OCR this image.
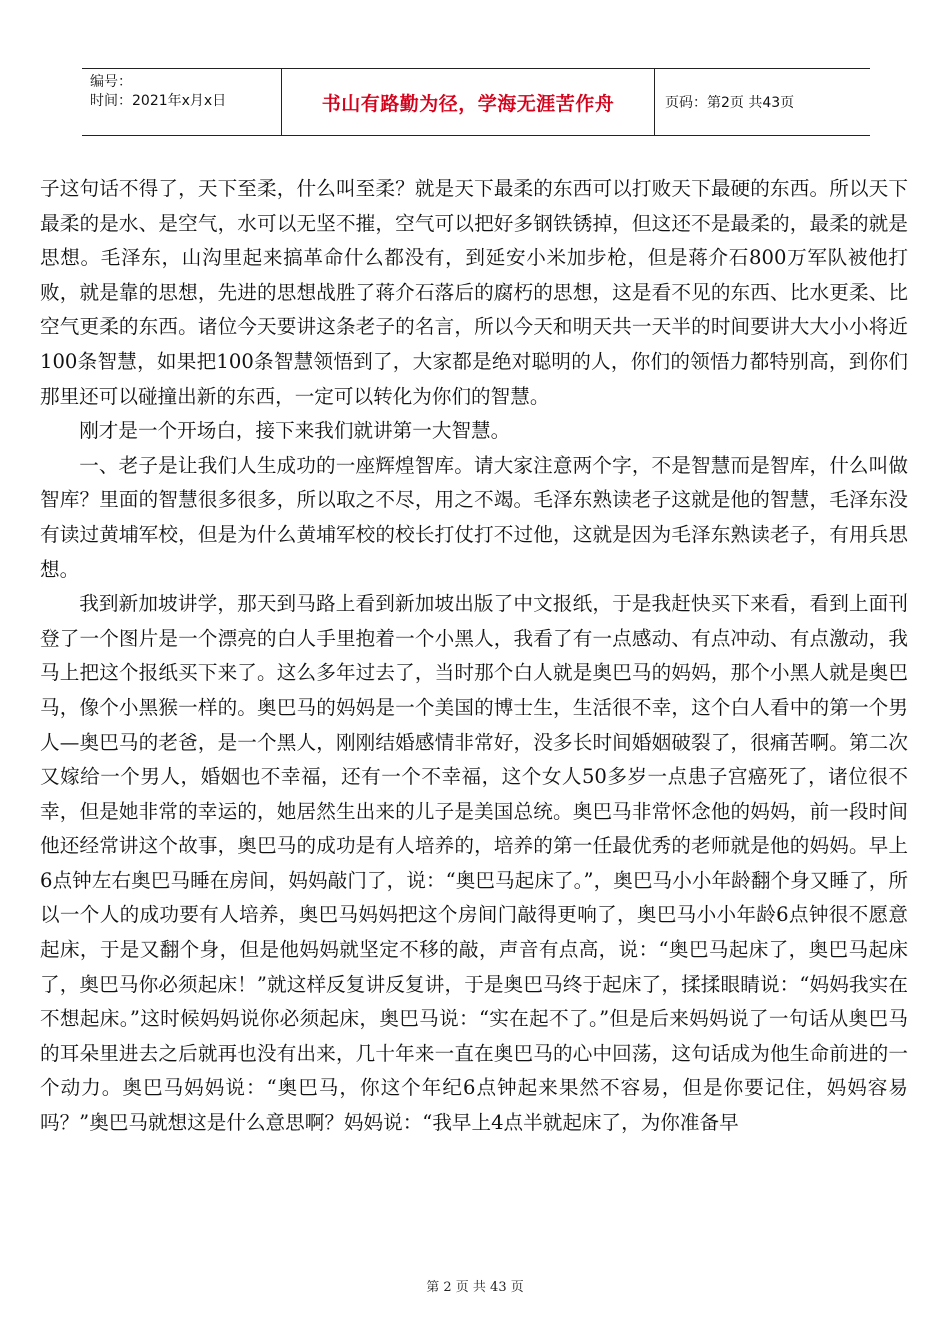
编号：
时间：2021年x月x日	书山有路勤为径，学海无涯苦作舟	页码：第2页 共43页

子这句话不得了，天下至柔，什么叫至柔？就是天下最柔的东西可以打败天下最硬的东西。所以天下最柔的是水、是空气，水可以无坚不摧，空气可以把好多钢铁锈掉，但这还不是最柔的，最柔的就是思想。毛泽东，山沟里起来搞革命什么都没有，到延安小米加步枪，但是蒋介石800万军队被他打败，就是靠的思想，先进的思想战胜了蒋介石落后的腐朽的思想，这是看不见的东西、比水更柔、比空气更柔的东西。诸位今天要讲这条老子的名言，所以今天和明天共一天半的时间要讲大大小小将近100条智慧，如果把100条智慧领悟到了，大家都是绝对聪明的人，你们的领悟力都特别高，到你们那里还可以碰撞出新的东西，一定可以转化为你们的智慧。

刚才是一个开场白，接下来我们就讲第一大智慧。

一、老子是让我们人生成功的一座辉煌智库。请大家注意两个字，不是智慧而是智库，什么叫做智库？里面的智慧很多很多，所以取之不尽，用之不竭。毛泽东熟读老子这就是他的智慧，毛泽东没有读过黄埔军校，但是为什么黄埔军校的校长打仗打不过他，这就是因为毛泽东熟读老子，有用兵思想。

我到新加坡讲学，那天到马路上看到新加坡出版了中文报纸，于是我赶快买下来看，看到上面刊登了一个图片是一个漂亮的白人手里抱着一个小黑人，我看了有一点感动、有点冲动、有点激动，我马上把这个报纸买下来了。这么多年过去了，当时那个白人就是奥巴马的妈妈，那个小黑人就是奥巴马，像个小黑猴一样的。奥巴马的妈妈是一个美国的博士生，生活很不幸，这个白人看中的第一个男人—奥巴马的老爸，是一个黑人，刚刚结婚感情非常好，没多长时间婚姻破裂了，很痛苦啊。第二次又嫁给一个男人，婚姻也不幸福，还有一个不幸福，这个女人50多岁一点患子宫癌死了，诸位很不幸，但是她非常的幸运的，她居然生出来的儿子是美国总统。奥巴马非常怀念他的妈妈，前一段时间他还经常讲这个故事，奥巴马的成功是有人培养的，培养的第一任最优秀的老师就是他的妈妈。早上6点钟左右奥巴马睡在房间，妈妈敲门了，说：“奥巴马起床了。”，奥巴马小小年龄翻个身又睡了，所以一个人的成功要有人培养，奥巴马妈妈把这个房间门敲得更响了，奥巴马小小年龄6点钟很不愿意起床，于是又翻个身，但是他妈妈就坚定不移的敲，声音有点高，说：“奥巴马起床了，奥巴马起床了，奥巴马你必须起床！”就这样反复讲反复讲，于是奥巴马终于起床了，揉揉眼睛说：“妈妈我实在不想起床。”这时候妈妈说你必须起床，奥巴马说：“实在起不了。”但是后来妈妈说了一句话从奥巴马的耳朵里进去之后就再也没有出来，几十年来一直在奥巴马的心中回荡，这句话成为他生命前进的一个动力。奥巴马妈妈说：“奥巴马，你这个年纪6点钟起来果然不容易，但是你要记住，妈妈容易吗？”奥巴马就想这是什么意思啊？妈妈说：“我早上4点半就起床了，为你准备早

第 2 页 共 43 页
